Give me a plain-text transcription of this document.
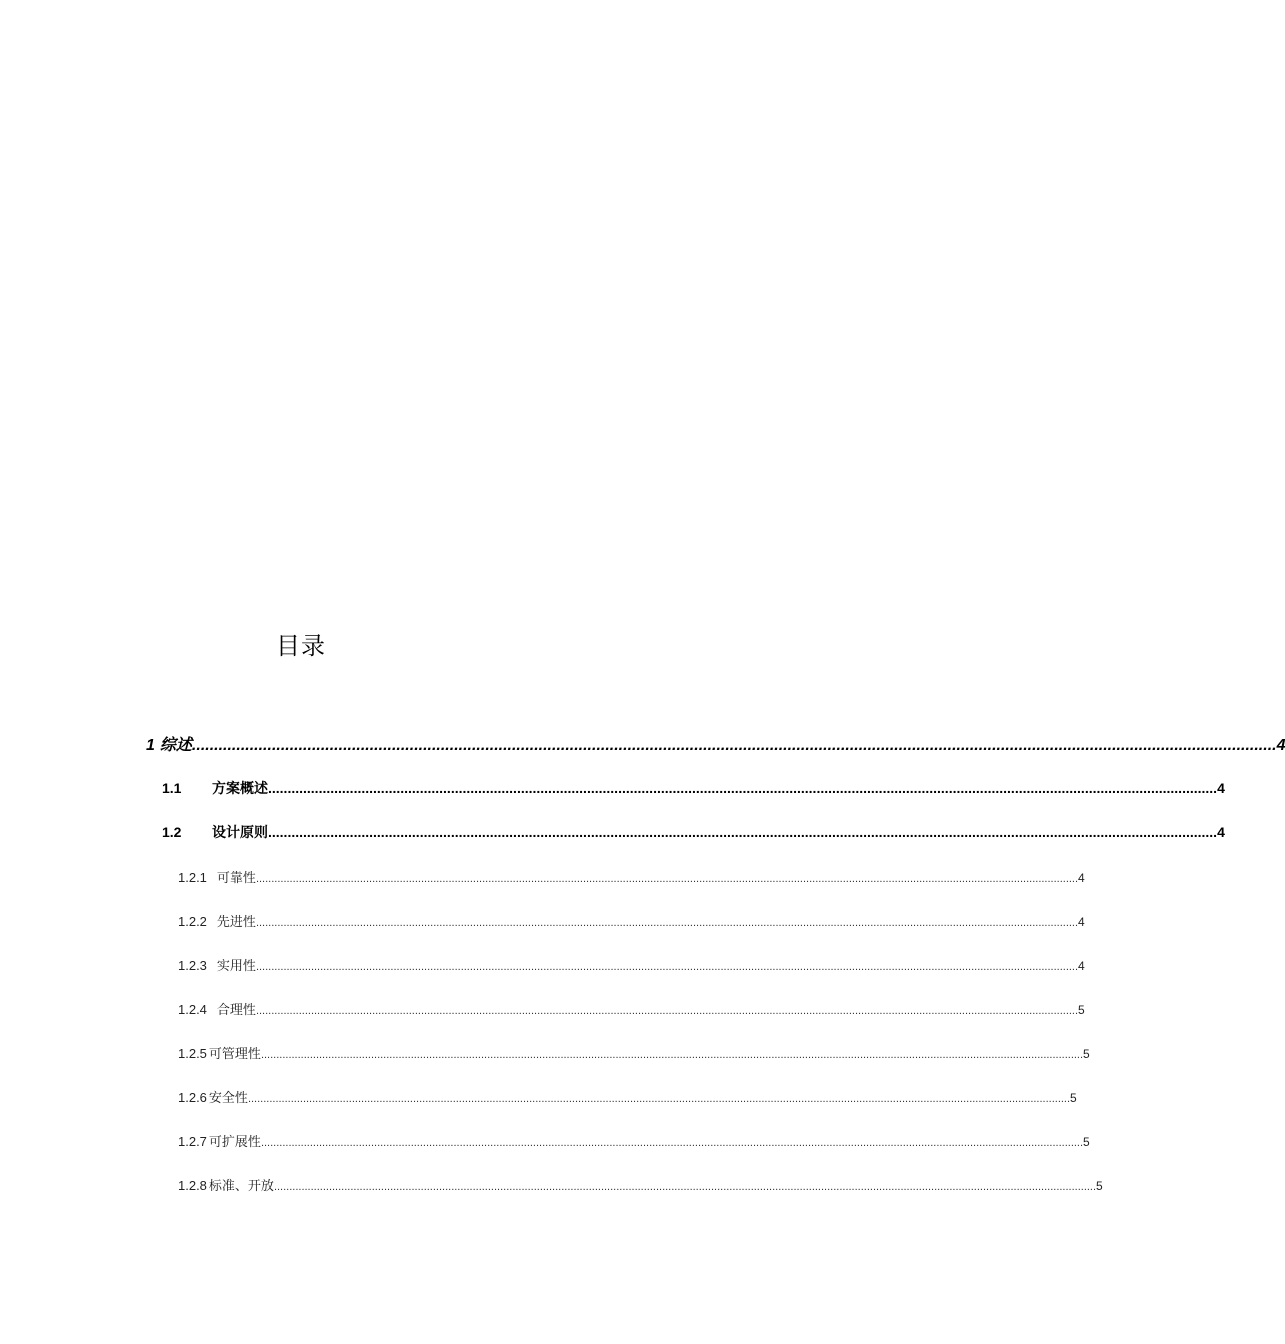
目录
1 综述 .................................................................................................................................................................................................................................................... 4
1.1	方案概述 .................................................................................................................................................................................................................................................... 4
1.2	设计原则 .................................................................................................................................................................................................................................................... 4
1.2.1 可靠性 ............................................................................................................................................................................................................................................................................. 4
1.2.2 先进性 ............................................................................................................................................................................................................................................................................. 4
1.2.3 实用性 ............................................................................................................................................................................................................................................................................. 4
1.2.4 合理性 ............................................................................................................................................................................................................................................................................. 5
1.2.5 可管理性 ............................................................................................................................................................................................................................................................................. 5
1.2.6 安全性 ............................................................................................................................................................................................................................................................................. 5
1.2.7 可扩展性 ............................................................................................................................................................................................................................................................................. 5
1.2.8 标准、开放 ............................................................................................................................................................................................................................................................................. 5
